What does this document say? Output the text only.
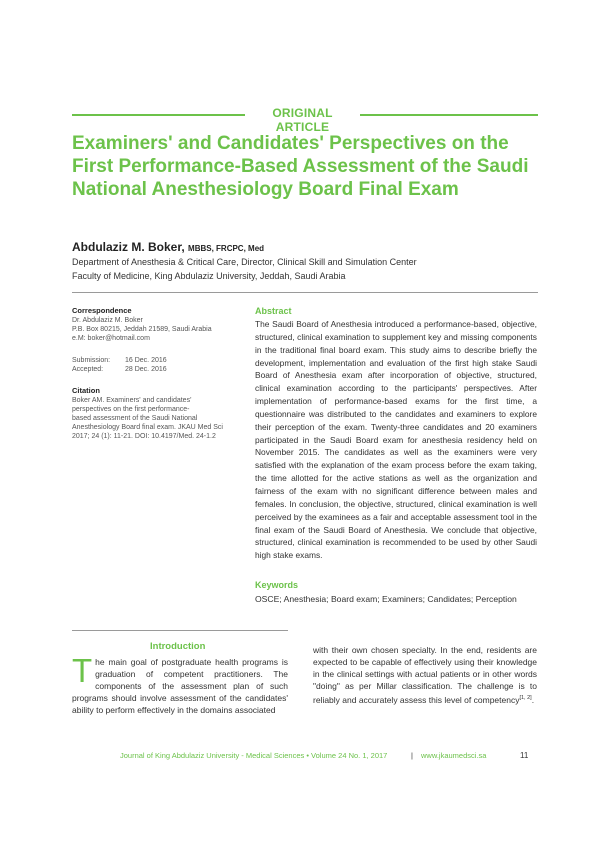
ORIGINAL ARTICLE
Examiners' and Candidates' Perspectives on the First Performance-Based Assessment of the Saudi National Anesthesiology Board Final Exam
Abdulaziz M. Boker, MBBS, FRCPC, Med
Department of Anesthesia & Critical Care, Director, Clinical Skill and Simulation Center
Faculty of Medicine, King Abdulaziz University, Jeddah, Saudi Arabia
Correspondence
Dr. Abdulaziz M. Boker
P.B. Box 80215, Jeddah 21589, Saudi Arabia
e.M: boker@hotmail.com
Submission:	16 Dec. 2016
Accepted:	28 Dec. 2016
Citation
Boker AM. Examiners' and candidates'
perspectives on the first performance-
based assessment of the Saudi National
Anesthesiology Board final exam. JKAU Med Sci
2017; 24 (1): 11-21. DOI: 10.4197/Med. 24-1.2
Abstract
The Saudi Board of Anesthesia introduced a performance-based, objective, structured, clinical examination to supplement key and missing components in the traditional final board exam. This study aims to describe briefly the development, implementation and evaluation of the first high stake Saudi Board of Anesthesia exam after incorporation of objective, structured, clinical examination according to the participants' perspectives. After implementation of performance-based exams for the first time, a questionnaire was distributed to the candidates and examiners to explore their perception of the exam. Twenty-three candidates and 20 examiners participated in the Saudi Board exam for anesthesia residency held on November 2015. The candidates as well as the examiners were very satisfied with the explanation of the exam process before the exam taking, the time allotted for the active stations as well as the organization and fairness of the exam with no significant difference between males and females. In conclusion, the objective, structured, clinical examination is well perceived by the examinees as a fair and acceptable assessment tool in the final exam of the Saudi Board of Anesthesia. We conclude that objective, structured, clinical examination is recommended to be used by other Saudi high stake exams.
Keywords
OSCE; Anesthesia; Board exam; Examiners; Candidates; Perception
Introduction
The main goal of postgraduate health programs is graduation of competent practitioners. The components of the assessment plan of such programs should involve assessment of the candidates' ability to perform effectively in the domains associated
with their own chosen specialty. In the end, residents are expected to be capable of effectively using their knowledge in the clinical settings with actual patients or in other words "doing" as per Millar classification. The challenge is to reliably and accurately assess this level of competency[1, 2].
Journal of King Abdulaziz University - Medical Sciences • Volume 24 No. 1, 2017	| www.jkaumedsci.sa	11
